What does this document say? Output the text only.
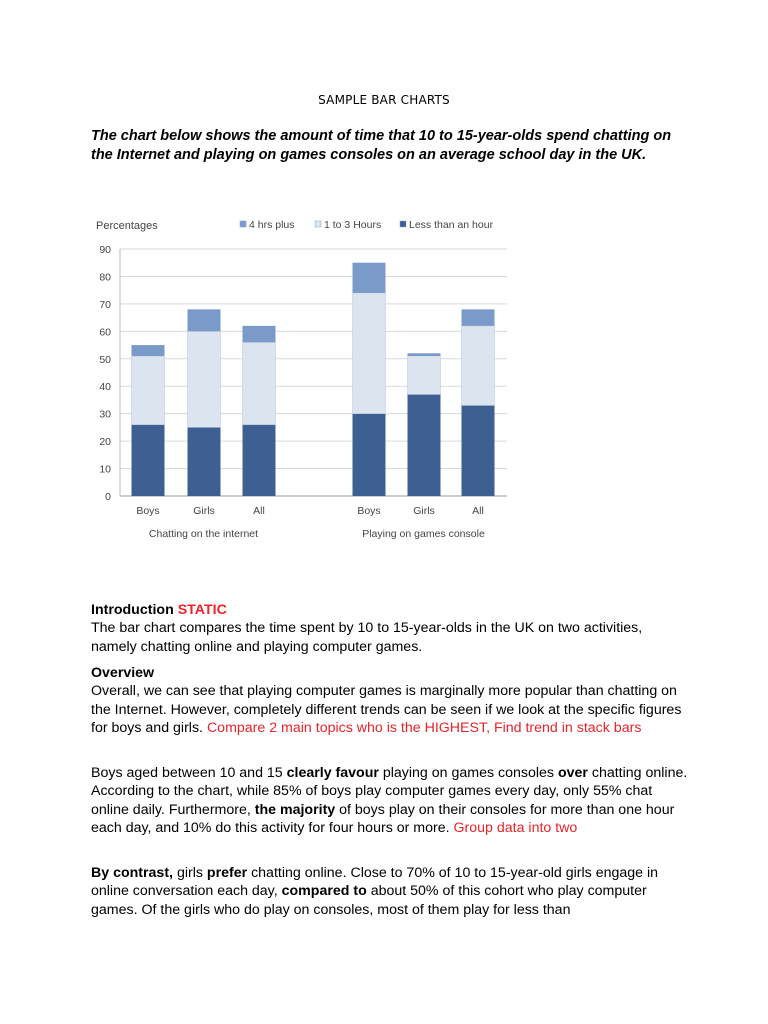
SAMPLE BAR CHARTS
The chart below shows the amount of time that 10 to 15-year-olds spend chatting on the Internet and playing on games consoles on an average school day in the UK.
Percentages
0
10
20
30
40
50
60
70
80
90
Boys	Girls	All	Boys	Girls	All
Chatting on the internet	Playing on games console
4 hrs plus	1 to 3 Hours	Less than an hour
Introduction STATIC

The bar chart compares the time spent by 10 to 15-year-olds in the UK on two activities, namely chatting online and playing computer games.

Overview

Overall, we can see that playing computer games is marginally more popular than chatting on the Internet. However, completely different trends can be seen if we look at the specific figures for boys and girls. Compare 2 main topics who is the HIGHEST, Find trend in stack bars

Boys aged between 10 and 15 clearly favour playing on games consoles over chatting online. According to the chart, while 85% of boys play computer games every day, only 55% chat online daily. Furthermore, the majority of boys play on their consoles for more than one hour each day, and 10% do this activity for four hours or more. Group data into two

By contrast, girls prefer chatting online. Close to 70% of 10 to 15-year-old girls engage in online conversation each day, compared to about 50% of this cohort who play computer games. Of the girls who do play on consoles, most of them play for less than
